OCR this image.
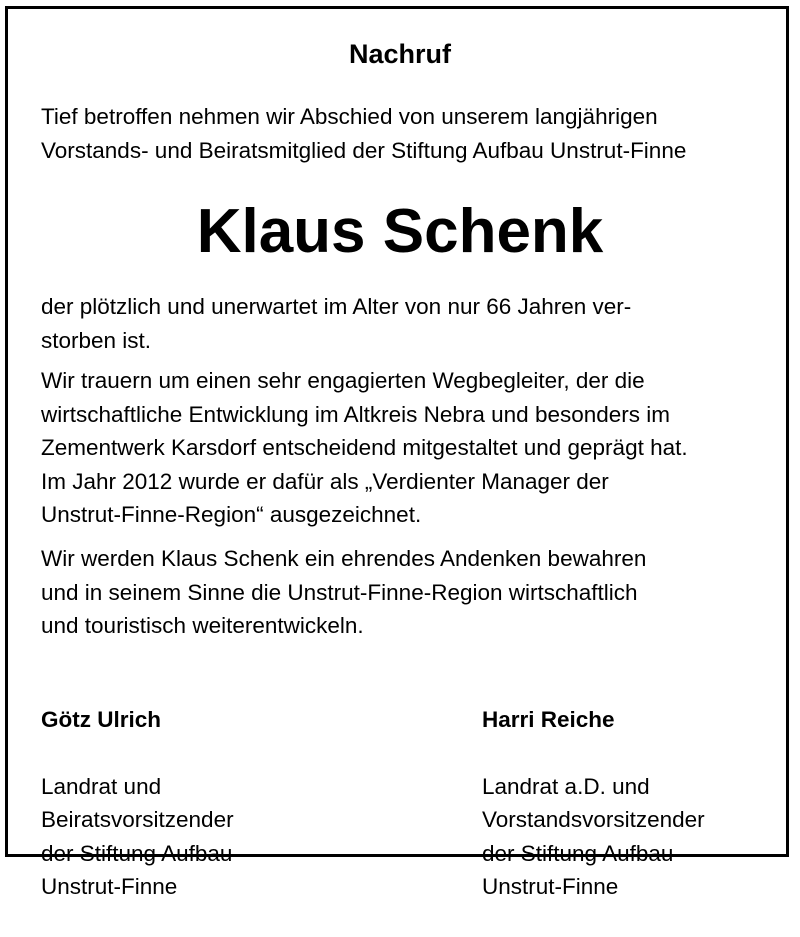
Nachruf
Tief betroffen nehmen wir Abschied von unserem langjährigen
Vorstands- und Beiratsmitglied der Stiftung Aufbau Unstrut-Finne
Klaus Schenk
der plötzlich und unerwartet im Alter von nur 66 Jahren ver-
storben ist.
Wir trauern um einen sehr engagierten Wegbegleiter, der die
wirtschaftliche Entwicklung im Altkreis Nebra und besonders im
Zementwerk Karsdorf entscheidend mitgestaltet und geprägt hat.
Im Jahr 2012 wurde er dafür als „Verdienter Manager der
Unstrut-Finne-Region“ ausgezeichnet.
Wir werden Klaus Schenk ein ehrendes Andenken bewahren
und in seinem Sinne die Unstrut-Finne-Region wirtschaftlich
und touristisch weiterentwickeln.

Götz Ulrich

Landrat und
Beiratsvorsitzender
der Stiftung Aufbau
Unstrut-Finne

Harri Reiche

Landrat a.D. und
Vorstandsvorsitzender
der Stiftung Aufbau
Unstrut-Finne
